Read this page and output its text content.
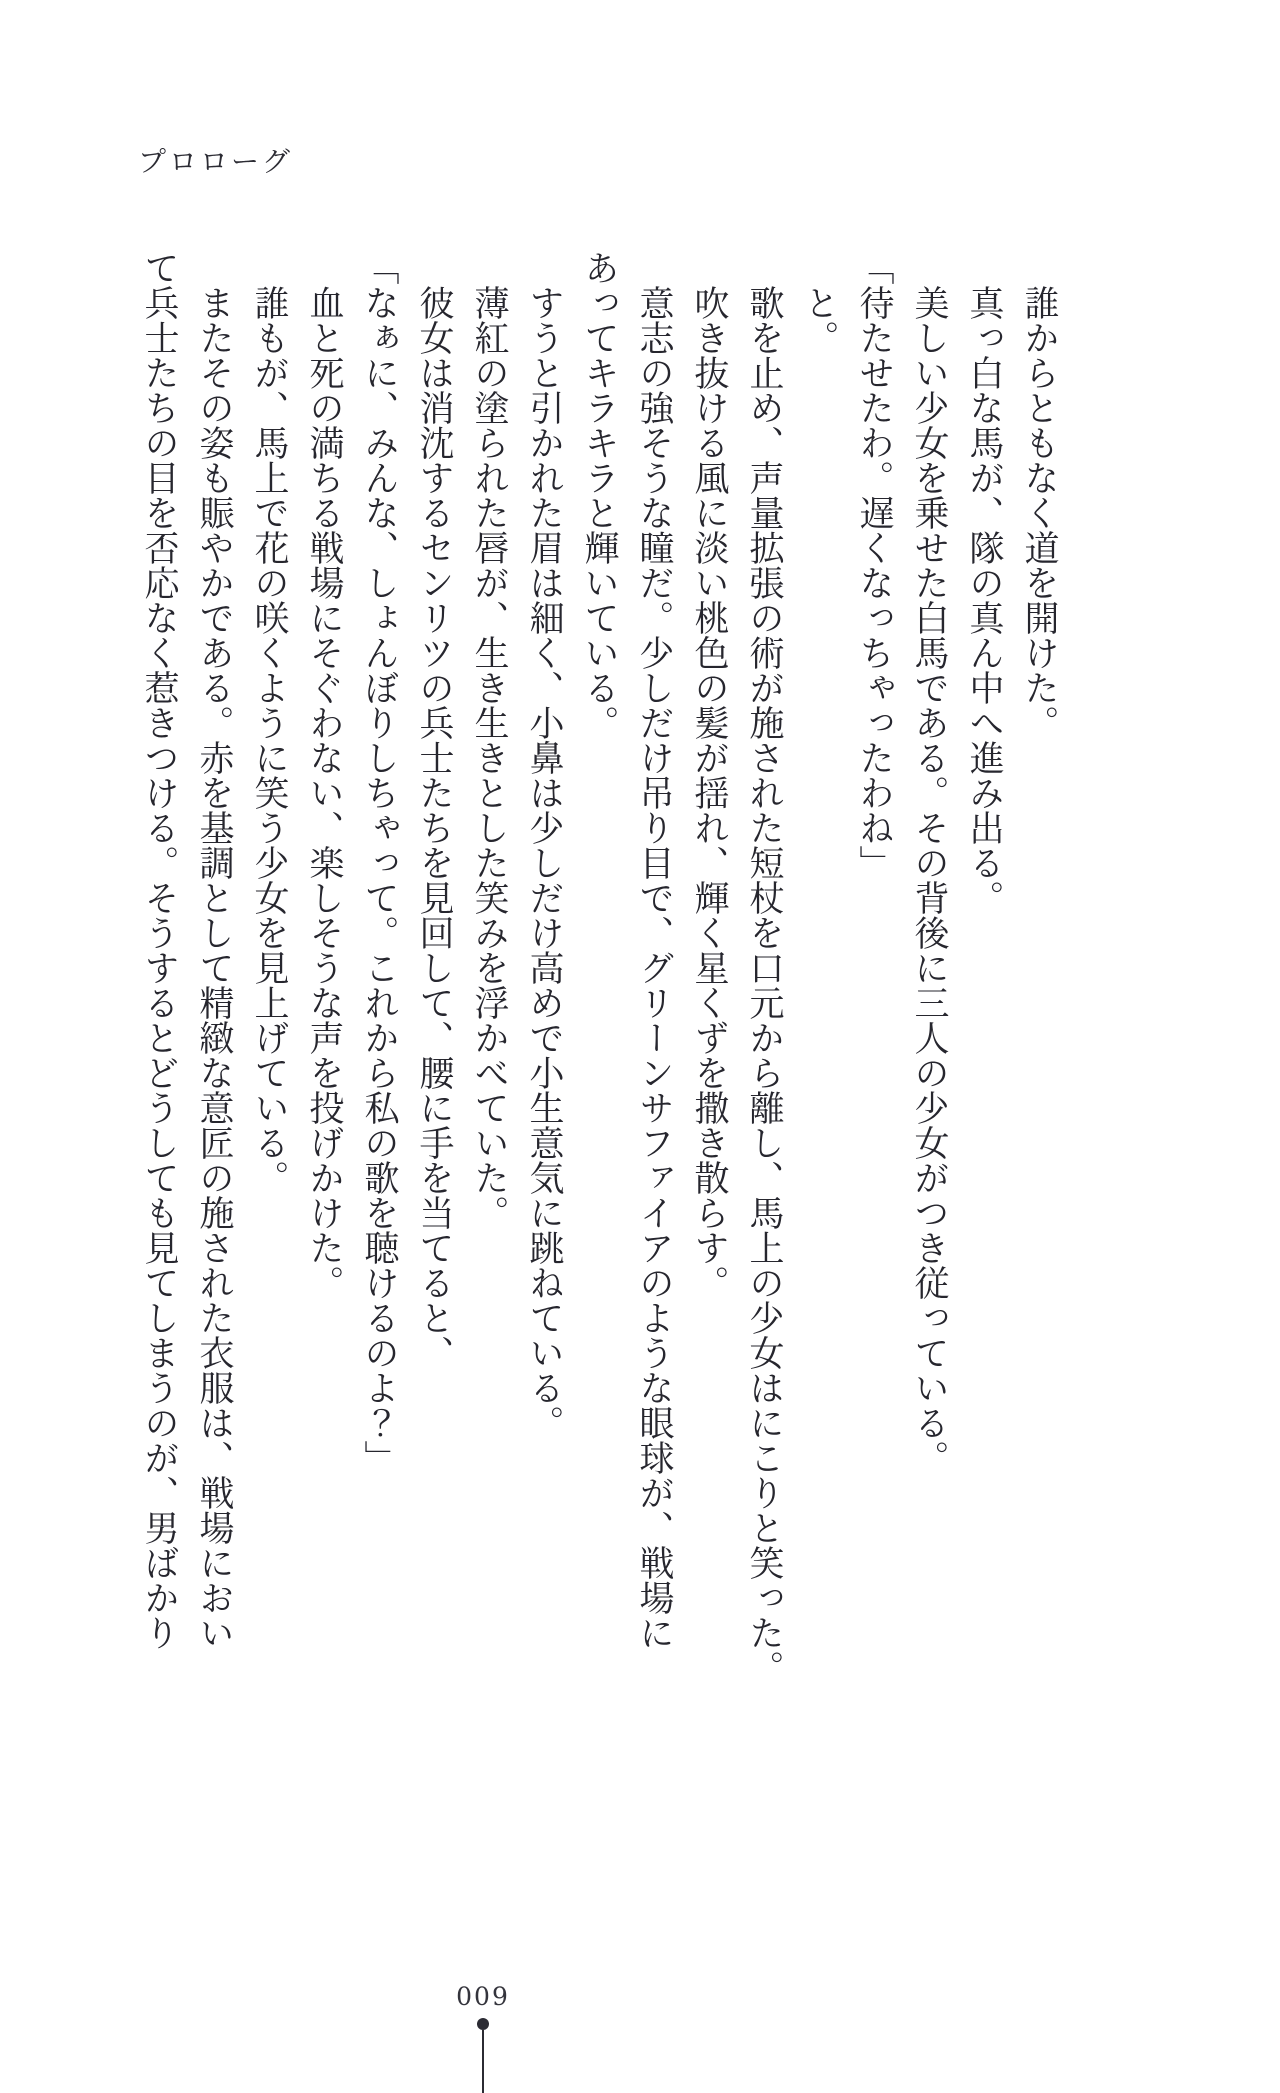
プロローグ

　誰からともなく道を開けた。

　真っ白な馬が、隊の真ん中へ進み出る。

　美しい少女を乗せた白馬である。その背後に三人の少女がつき従っている。

「待たせたわ。遅くなっちゃったわね」

　と。

　歌を止め、声量拡張の術が施された短杖を口元から離し、馬上の少女はにこりと笑った。

　吹き抜ける風に淡い桃色の髪が揺れ、輝く星くずを撒き散らす。

　意志の強そうな瞳だ。少しだけ吊り目で、グリーンサファイアのような眼球が、戦場に

あってキラキラと輝いている。

　すうと引かれた眉は細く、小鼻は少しだけ高めで小生意気に跳ねている。

　薄紅の塗られた唇が、生き生きとした笑みを浮かべていた。

　彼女は消沈するセンリツの兵士たちを見回して、腰に手を当てると、

「なぁに、みんな、しょんぼりしちゃって。これから私の歌を聴けるのよ？」

　血と死の満ちる戦場にそぐわない、楽しそうな声を投げかけた。

　誰もが、馬上で花の咲くように笑う少女を見上げている。

　またその姿も賑やかである。赤を基調として精緻な意匠の施された衣服は、戦場におい

て兵士たちの目を否応なく惹きつける。そうするとどうしても見てしまうのが、男ばかり

009
